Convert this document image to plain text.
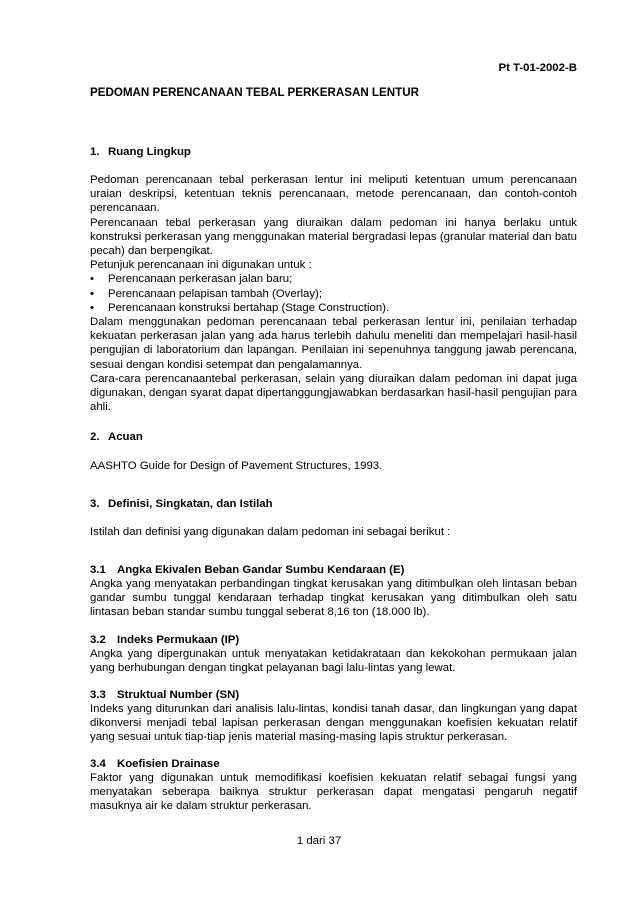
Pt T-01-2002-B
PEDOMAN PERENCANAAN TEBAL PERKERASAN LENTUR
1. Ruang Lingkup
Pedoman perencanaan tebal perkerasan lentur ini meliputi ketentuan umum perencanaan uraian deskripsi, ketentuan teknis perencanaan, metode perencanaan, dan contoh-contoh perencanaan.
Perencanaan tebal perkerasan yang diuraikan dalam pedoman ini hanya berlaku untuk konstruksi perkerasan yang menggunakan material bergradasi lepas (granular material dan batu pecah) dan berpengikat.
Petunjuk perencanaan ini digunakan untuk :
• Perencanaan perkerasan jalan baru;
• Perencanaan pelapisan tambah (Overlay);
• Perencanaan konstruksi bertahap (Stage Construction).
Dalam menggunakan pedoman perencanaan tebal perkerasan lentur ini, penilaian terhadap kekuatan perkerasan jalan yang ada harus terlebih dahulu meneliti dan mempelajari hasil-hasil pengujian di laboratorium dan lapangan. Penilaian ini sepenuhnya tanggung jawab perencana, sesuai dengan kondisi setempat dan pengalamannya.
Cara-cara perencanaantebal perkerasan, selain yang diuraikan dalam pedoman ini dapat juga digunakan, dengan syarat dapat dipertanggungjawabkan berdasarkan hasil-hasil pengujian para ahli.
2. Acuan
AASHTO Guide for Design of Pavement Structures, 1993.
3. Definisi, Singkatan, dan Istilah
Istilah dan definisi yang digunakan dalam pedoman ini sebagai berikut :
3.1 Angka Ekivalen Beban Gandar Sumbu Kendaraan (E)
Angka yang menyatakan perbandingan tingkat kerusakan yang ditimbulkan oleh lintasan beban gandar sumbu tunggal kendaraan terhadap tingkat kerusakan yang ditimbulkan oleh satu lintasan beban standar sumbu tunggal seberat 8,16 ton (18.000 lb).
3.2 Indeks Permukaan (IP)
Angka yang dipergunakan untuk menyatakan ketidakrataan dan kekokohan permukaan jalan yang berhubungan dengan tingkat pelayanan bagi lalu-lintas yang lewat.
3.3 Struktual Number (SN)
Indeks yang diturunkan dari analisis lalu-lintas, kondisi tanah dasar, dan lingkungan yang dapat dikonversi menjadi tebal lapisan perkerasan dengan menggunakan koefisien kekuatan relatif yang sesuai untuk tiap-tiap jenis material masing-masing lapis struktur perkerasan.
3.4 Koefisien Drainase
Faktor yang digunakan untuk memodifikasi koefisien kekuatan relatif sebagai fungsi yang menyatakan seberapa baiknya struktur perkerasan dapat mengatasi pengaruh negatif masuknya air ke dalam struktur perkerasan.
1 dari 37
